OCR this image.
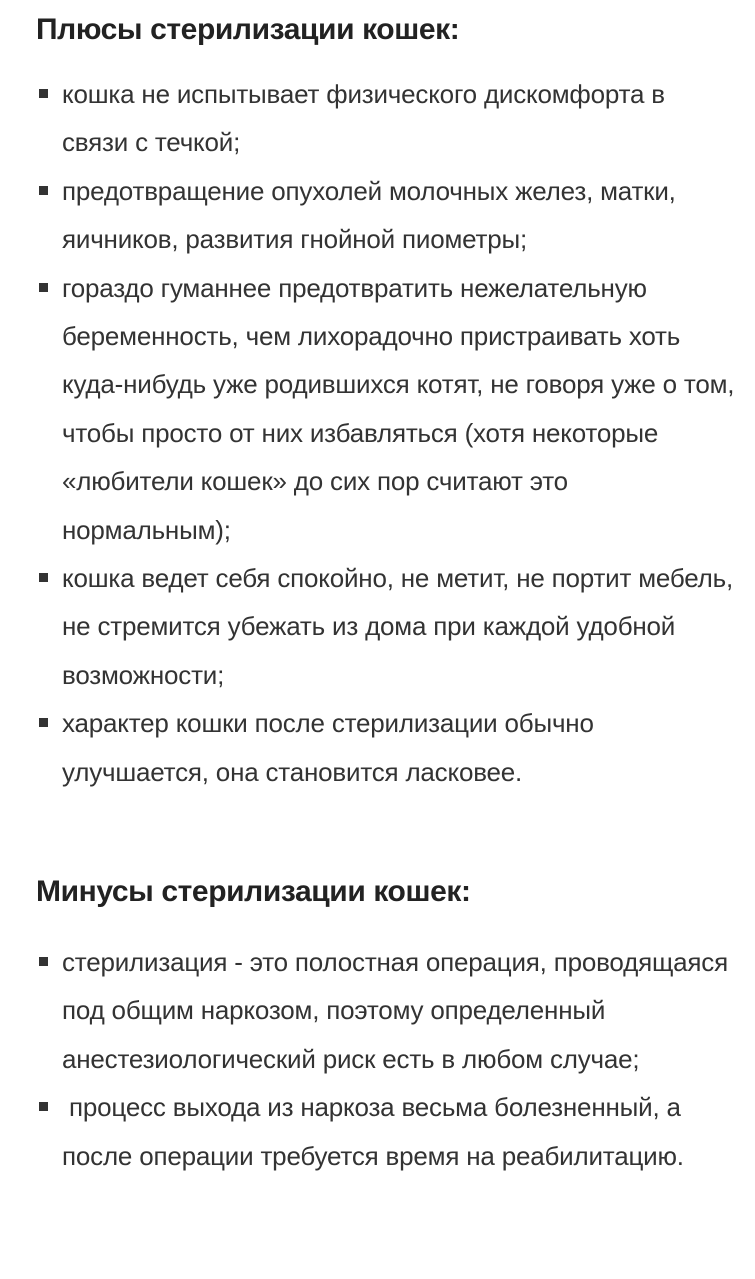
Плюсы стерилизации кошек:
кошка не испытывает физического дискомфорта в связи с течкой;
предотвращение опухолей молочных желез, матки, яичников, развития гнойной пиометры;
гораздо гуманнее предотвратить нежелательную беременность, чем лихорадочно пристраивать хоть куда-нибудь уже родившихся котят, не говоря уже о том, чтобы просто от них избавляться (хотя некоторые «любители кошек» до сих пор считают это нормальным);
кошка ведет себя спокойно, не метит, не портит мебель, не стремится убежать из дома при каждой удобной возможности;
характер кошки после стерилизации обычно улучшается, она становится ласковее.
Минусы стерилизации кошек:
стерилизация - это полостная операция, проводящаяся под общим наркозом, поэтому определенный анестезиологический риск есть в любом случае;
процесс выхода из наркоза весьма болезненный, а после операции требуется время на реабилитацию.
